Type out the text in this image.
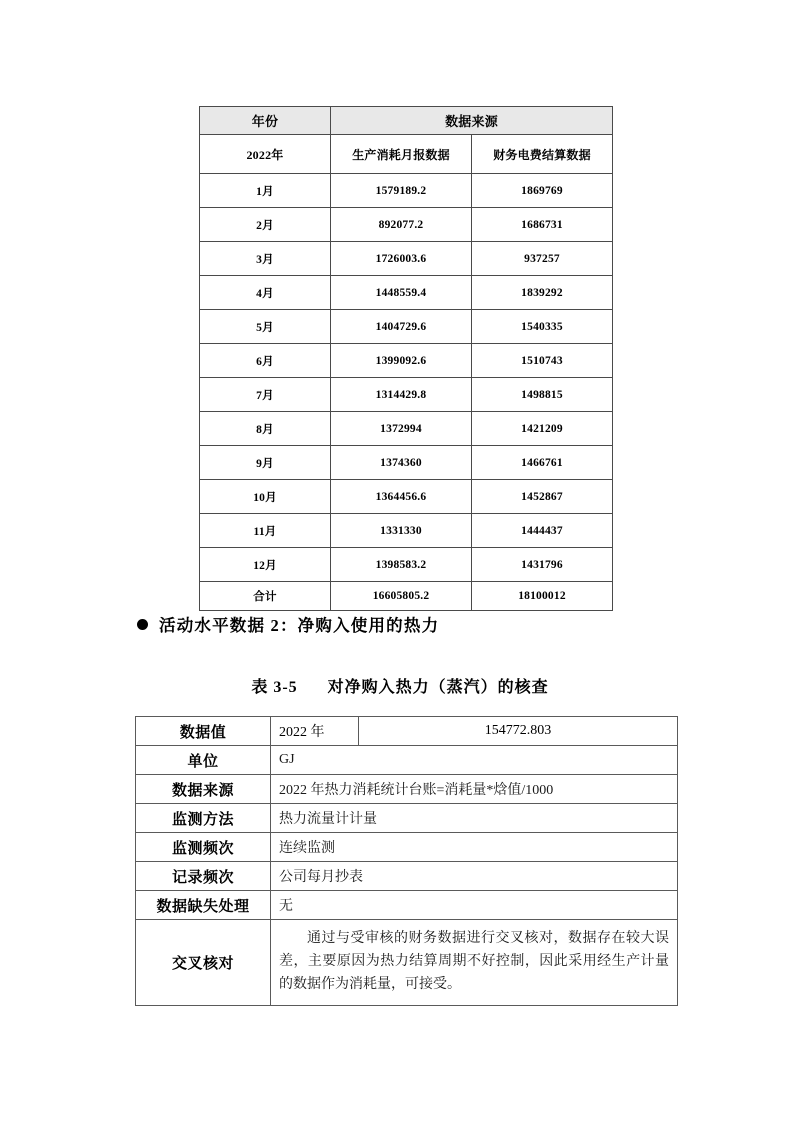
年份	数据来源	
2022年	生产消耗月报数据	财务电费结算数据
1月	1579189.2	1869769
2月	892077.2	1686731
3月	1726003.6	937257
4月	1448559.4	1839292
5月	1404729.6	1540335
6月	1399092.6	1510743
7月	1314429.8	1498815
8月	1372994	1421209
9月	1374360	1466761
10月	1364456.6	1452867
11月	1331330	1444437
12月	1398583.2	1431796
合计	16605805.2	18100012
活动水平数据 2：净购入使用的热力
表 3-5 对净购入热力（蒸汽）的核查
数据值	2022 年	154772.803
单位	GJ	
数据来源	2022 年热力消耗统计台账=消耗量*焓值/1000	
监测方法	热力流量计计量	
监测频次	连续监测	
记录频次	公司每月抄表	
数据缺失处理	无	
交叉核对	通过与受审核的财务数据进行交叉核对，数据存在较大误差，主要原因为热力结算周期不好控制，因此采用经生产计量的数据作为消耗量，可接受。	
